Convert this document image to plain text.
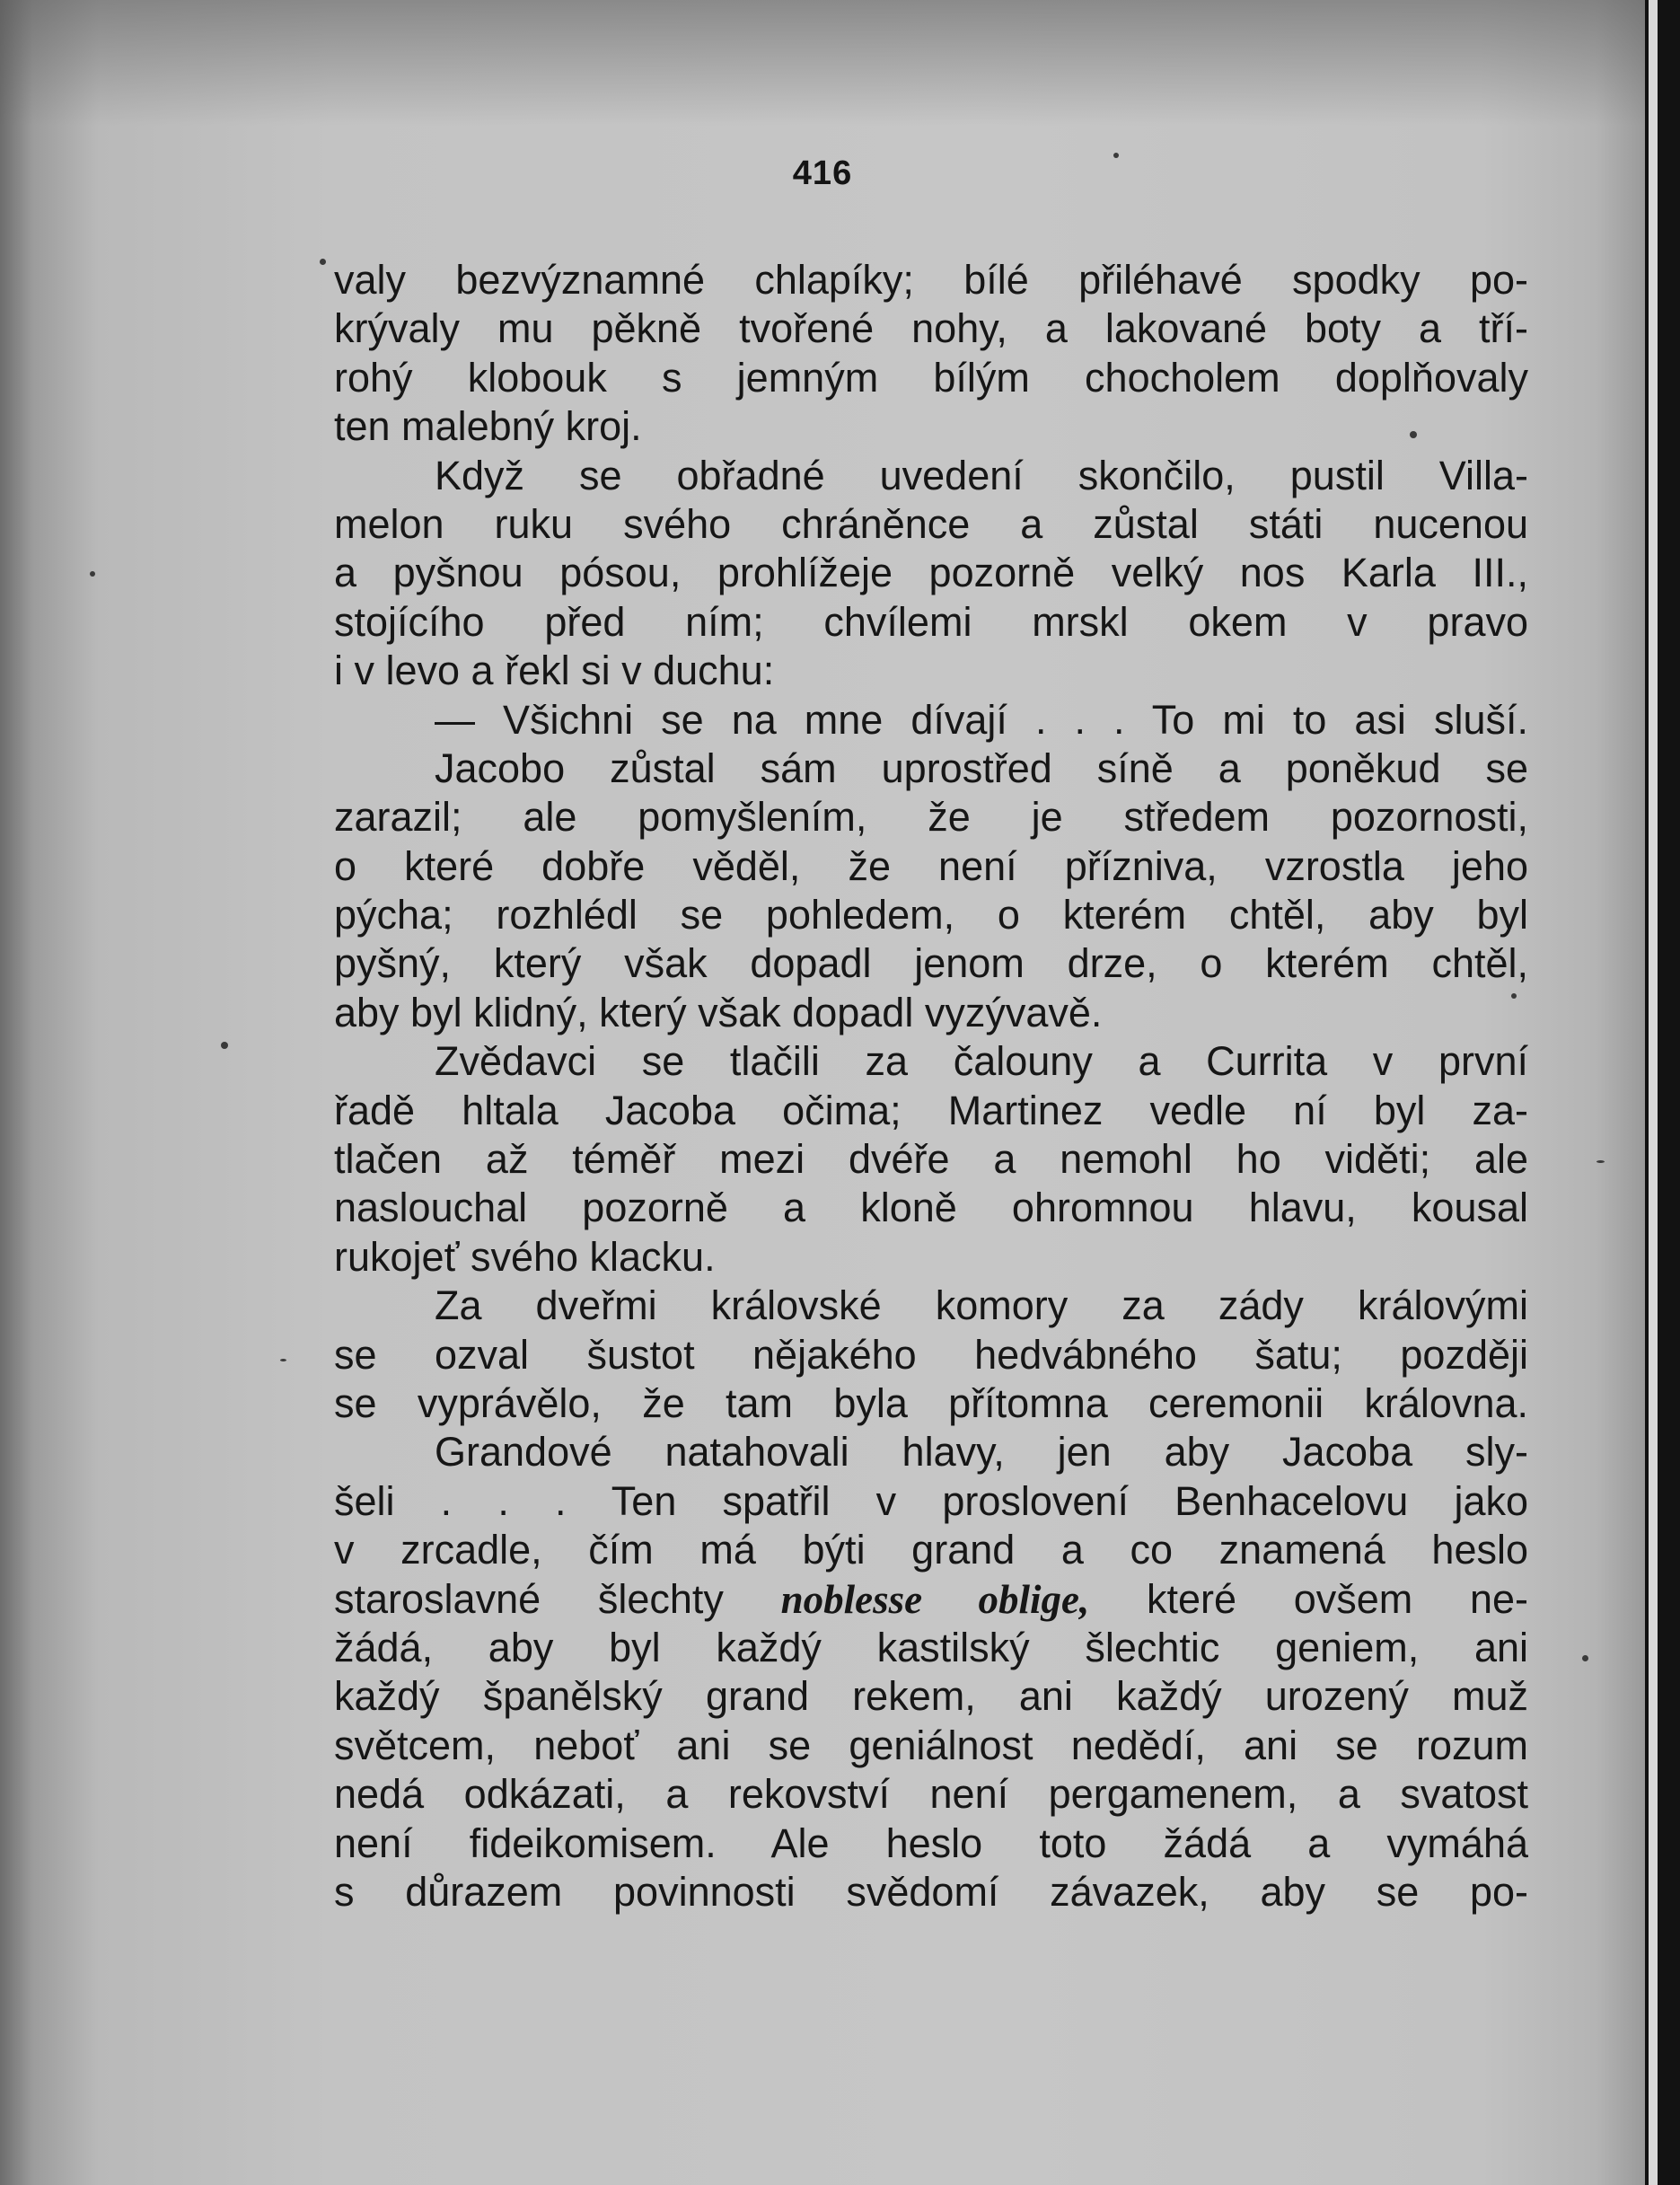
416
valy bezvýznamné chlapíky; bílé přiléhavé spodky po-
krývaly mu pěkně tvořené nohy, a lakované boty a tří-
rohý klobouk s jemným bílým chocholem doplňovaly
ten malebný kroj.
Když se obřadné uvedení skončilo, pustil Villa-
melon ruku svého chráněnce a zůstal státi nucenou
a pyšnou pósou, prohlížeje pozorně velký nos Karla III.,
stojícího před ním; chvílemi mrskl okem v pravo
i v levo a řekl si v duchu:
— Všichni se na mne dívají . . . To mi to asi sluší.
Jacobo zůstal sám uprostřed síně a poněkud se
zarazil; ale pomyšlením, že je středem pozornosti,
o které dobře věděl, že není přízniva, vzrostla jeho
pýcha; rozhlédl se pohledem, o kterém chtěl, aby byl
pyšný, který však dopadl jenom drze, o kterém chtěl,
aby byl klidný, který však dopadl vyzývavě.
Zvědavci se tlačili za čalouny a Currita v první
řadě hltala Jacoba očima; Martinez vedle ní byl za-
tlačen až téměř mezi dvéře a nemohl ho viděti; ale
naslouchal pozorně a kloně ohromnou hlavu, kousal
rukojeť svého klacku.
Za dveřmi královské komory za zády královými
se ozval šustot nějakého hedvábného šatu; později
se vyprávělo, že tam byla přítomna ceremonii královna.
Grandové natahovali hlavy, jen aby Jacoba sly-
šeli . . . Ten spatřil v proslovení Benhacelovu jako
v zrcadle, čím má býti grand a co znamená heslo
staroslavné šlechty noblesse oblige, které ovšem ne-
žádá, aby byl každý kastilský šlechtic geniem, ani
každý španělský grand rekem, ani každý urozený muž
světcem, neboť ani se geniálnost nedědí, ani se rozum
nedá odkázati, a rekovství není pergamenem, a svatost
není fideikomisem. Ale heslo toto žádá a vymáhá
s důrazem povinnosti svědomí závazek, aby se po-
